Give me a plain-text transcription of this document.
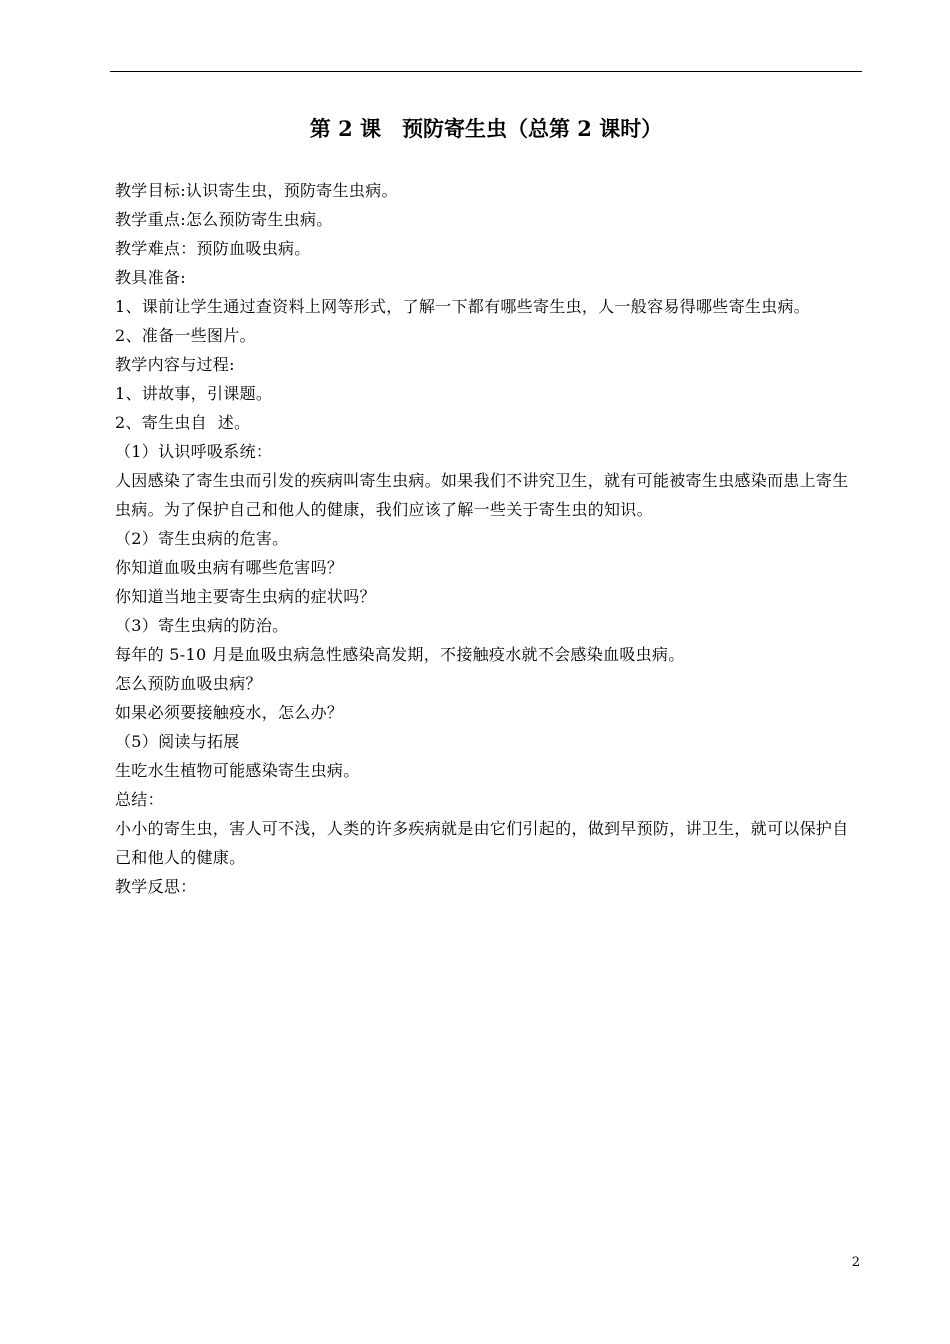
第 2 课　预防寄生虫（总第 2 课时）

教学目标:认识寄生虫，预防寄生虫病。

教学重点:怎么预防寄生虫病。

教学难点：预防血吸虫病。

教具准备:

1、课前让学生通过查资料上网等形式，了解一下都有哪些寄生虫，人一般容易得哪些寄生虫病。

2、准备一些图片。

教学内容与过程:

1、讲故事，引课题。

2、寄生虫自  述。

（1）认识呼吸系统：

人因感染了寄生虫而引发的疾病叫寄生虫病。如果我们不讲究卫生，就有可能被寄生虫感染而患上寄生虫病。为了保护自己和他人的健康，我们应该了解一些关于寄生虫的知识。

（2）寄生虫病的危害。

你知道血吸虫病有哪些危害吗？

你知道当地主要寄生虫病的症状吗？

（3）寄生虫病的防治。

每年的 5-10 月是血吸虫病急性感染高发期，不接触疫水就不会感染血吸虫病。

怎么预防血吸虫病？

如果必须要接触疫水，怎么办？

（5）阅读与拓展

生吃水生植物可能感染寄生虫病。

总结：

小小的寄生虫，害人可不浅，人类的许多疾病就是由它们引起的，做到早预防，讲卫生，就可以保护自己和他人的健康。

教学反思：

2
